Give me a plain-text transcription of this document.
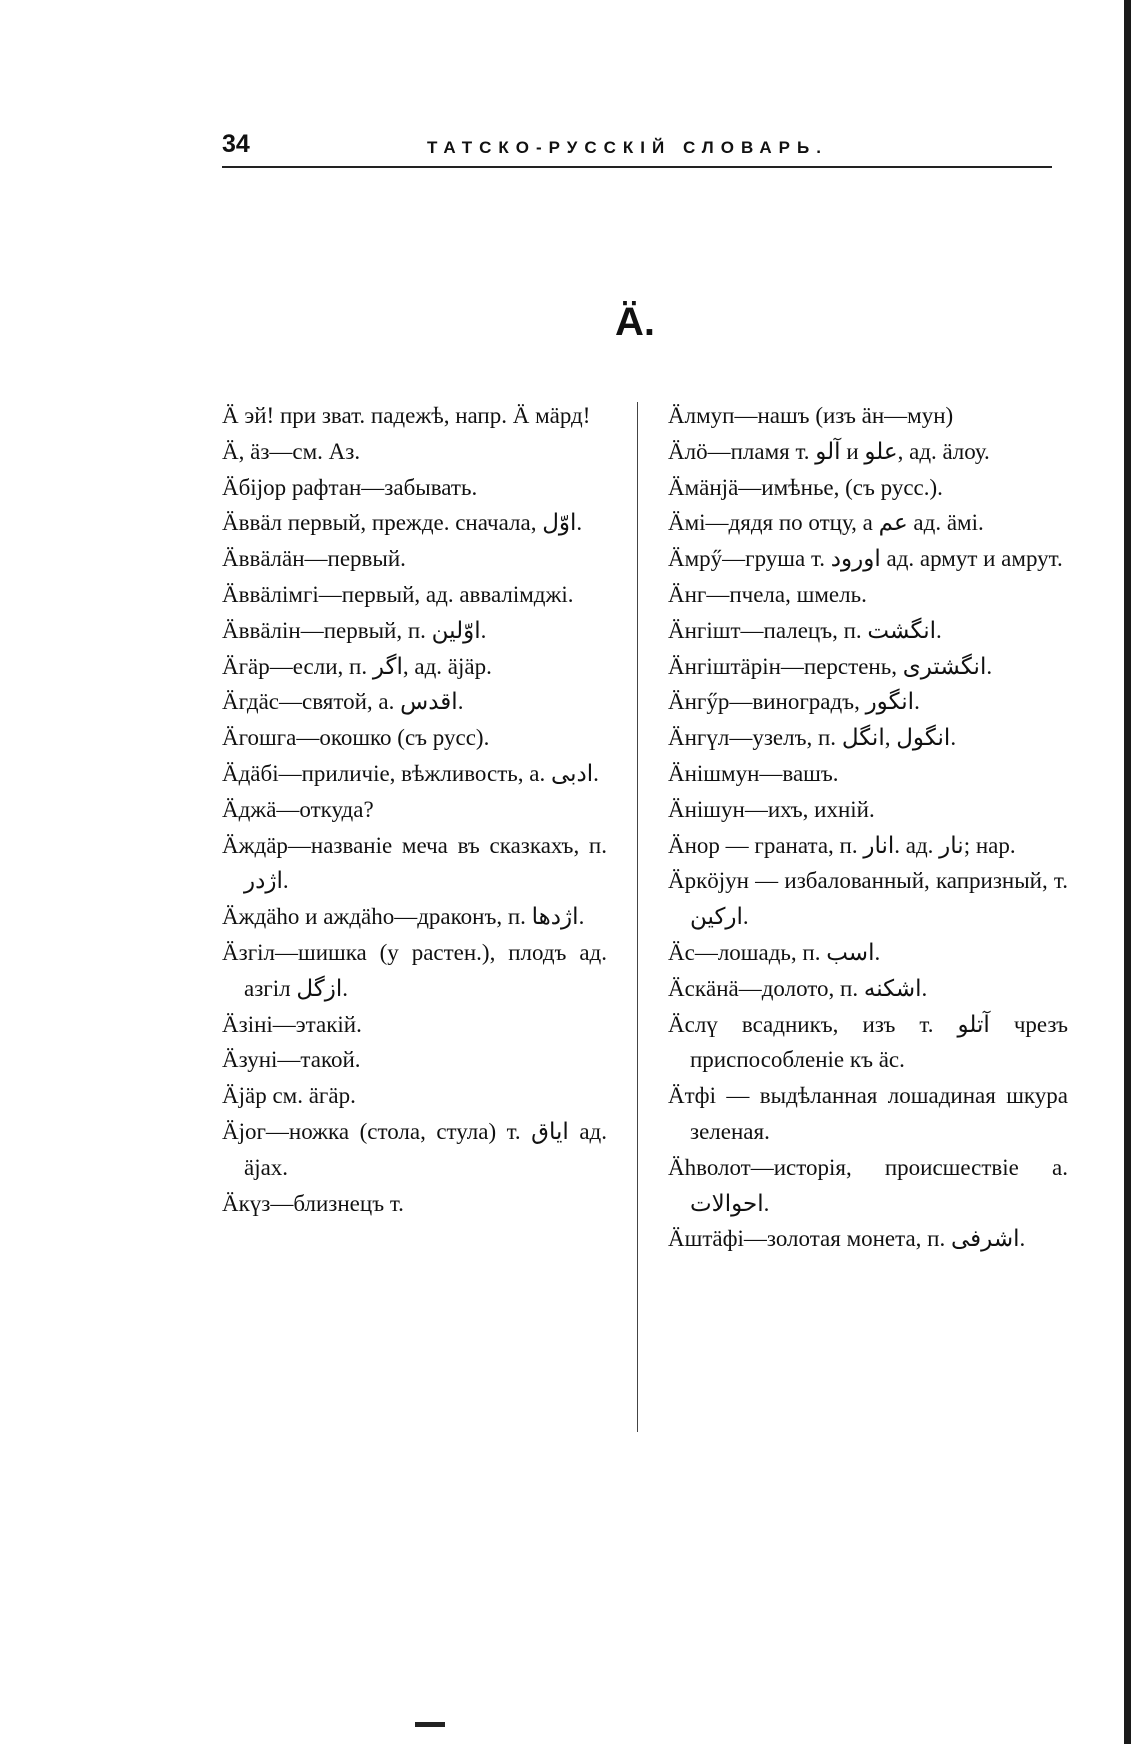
34	ТАТСКО-РУССКІЙ СЛОВАРЬ.
Ä.
Ä эй! при зват. падежѣ, напр. Ä мäрд!
Ä, äз—см. Аз.
Äбіјор рафтан—забывать.
Äввäл первый, прежде. сначала, اوّل.
Äввäлäн—первый.
Äввäлімгі—первый, ад. аввалімджі.
Äввäлін—первый, п. اوّلين.
Äгäр—если, п. اگر, ад. äjäр.
Äгдäс—святой, а. اقدس.
Äгошга—окошко (съ русс).
Äдäбі—приличіе, вѣжливость, а. ادبى.
Äджä—откуда?
Äждäр—названіе меча въ сказкахъ, п. اژدر.
Äждäһо и аждäһо—драконъ, п. اژدها.
Äзгіл—шишка (у растен.), плодъ ад. азгіл ازگل.
Äзіні—этакій.
Äзуні—такой.
Äjäр см. äгäр.
Äjог—ножка (стола, стула) т. اياق ад. äjах.
Äкүз—близнецъ т.
Äлмуп—нашъ (изъ äн—мун)
Äлö—пламя т. آلو и علو, ад. äлоу.
Äмäнjä—имѣнье, (съ русс.).
Äмі—дядя по отцу, а عم ад. äмі.
Äмрӳ—груша т. اورود ад. армут и амрут.
Äнг—пчела, шмель.
Äнгішт—палецъ, п. انگشت.
Äнгіштäрін—перстень, انگشترى.
Äнгӳр—виноградъ, انگور.
Äнгүл—узелъ, п. انگول ,انگل.
Äнішмун—вашъ.
Äнішун—ихъ, ихній.
Äнор — граната, п. انار. ад. نار; нар.
Äркöјун — избалованный, капризный, т. اركين.
Äс—лошадь, п. اسب.
Äскäнä—долото, п. اشكنه.
Äслү всадникъ, изъ т. آتلو чрезъ приспособленіе къ äс.
Äтфі — выдѣланная лошадиная шкура зеленая.
Äһволот—исторія, происшествіе а. احوالات.
Äштäфі—золотая монета, п. اشرفى.
